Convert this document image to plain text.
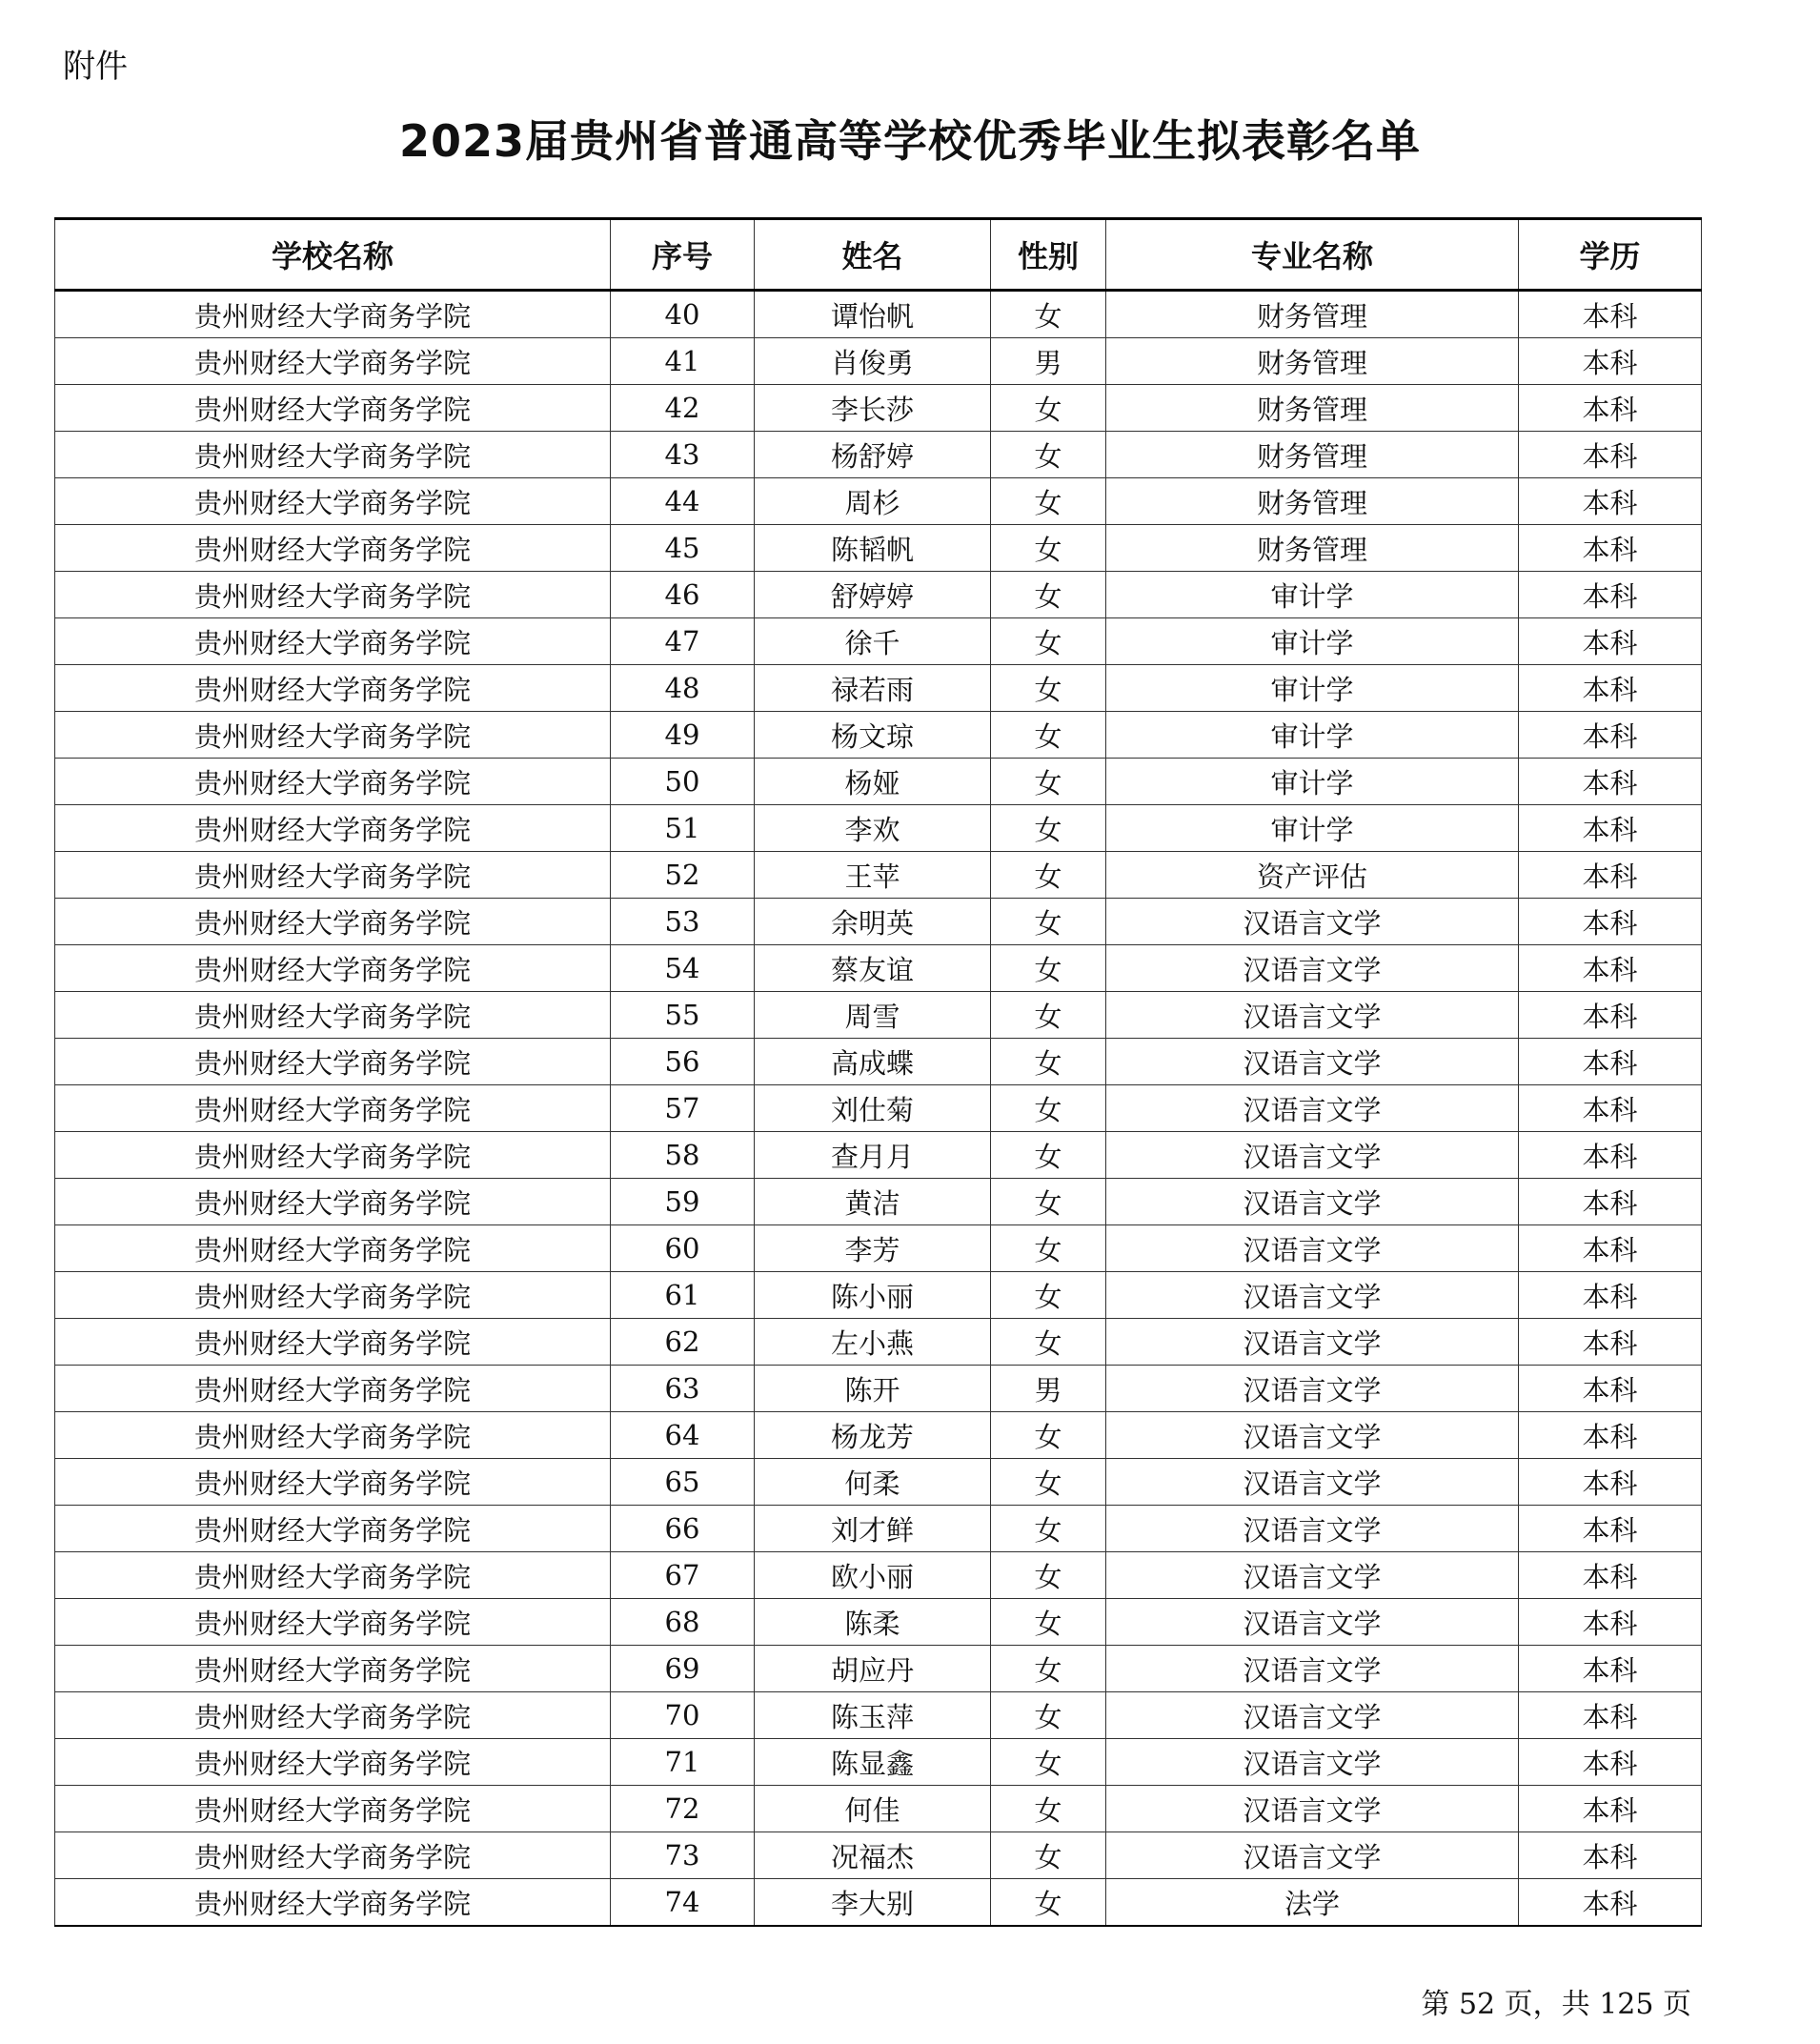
附件
2023届贵州省普通高等学校优秀毕业生拟表彰名单
学校名称	序号	姓名	性别	专业名称	学历
贵州财经大学商务学院	40	谭怡帆	女	财务管理	本科
贵州财经大学商务学院	41	肖俊勇	男	财务管理	本科
贵州财经大学商务学院	42	李长莎	女	财务管理	本科
贵州财经大学商务学院	43	杨舒婷	女	财务管理	本科
贵州财经大学商务学院	44	周杉	女	财务管理	本科
贵州财经大学商务学院	45	陈韬帆	女	财务管理	本科
贵州财经大学商务学院	46	舒婷婷	女	审计学	本科
贵州财经大学商务学院	47	徐千	女	审计学	本科
贵州财经大学商务学院	48	禄若雨	女	审计学	本科
贵州财经大学商务学院	49	杨文琼	女	审计学	本科
贵州财经大学商务学院	50	杨娅	女	审计学	本科
贵州财经大学商务学院	51	李欢	女	审计学	本科
贵州财经大学商务学院	52	王苹	女	资产评估	本科
贵州财经大学商务学院	53	余明英	女	汉语言文学	本科
贵州财经大学商务学院	54	蔡友谊	女	汉语言文学	本科
贵州财经大学商务学院	55	周雪	女	汉语言文学	本科
贵州财经大学商务学院	56	高成蝶	女	汉语言文学	本科
贵州财经大学商务学院	57	刘仕菊	女	汉语言文学	本科
贵州财经大学商务学院	58	查月月	女	汉语言文学	本科
贵州财经大学商务学院	59	黄洁	女	汉语言文学	本科
贵州财经大学商务学院	60	李芳	女	汉语言文学	本科
贵州财经大学商务学院	61	陈小丽	女	汉语言文学	本科
贵州财经大学商务学院	62	左小燕	女	汉语言文学	本科
贵州财经大学商务学院	63	陈开	男	汉语言文学	本科
贵州财经大学商务学院	64	杨龙芳	女	汉语言文学	本科
贵州财经大学商务学院	65	何柔	女	汉语言文学	本科
贵州财经大学商务学院	66	刘才鲜	女	汉语言文学	本科
贵州财经大学商务学院	67	欧小丽	女	汉语言文学	本科
贵州财经大学商务学院	68	陈柔	女	汉语言文学	本科
贵州财经大学商务学院	69	胡应丹	女	汉语言文学	本科
贵州财经大学商务学院	70	陈玉萍	女	汉语言文学	本科
贵州财经大学商务学院	71	陈显鑫	女	汉语言文学	本科
贵州财经大学商务学院	72	何佳	女	汉语言文学	本科
贵州财经大学商务学院	73	况福杰	女	汉语言文学	本科
贵州财经大学商务学院	74	李大别	女	法学	本科
第 52 页，共 125 页
